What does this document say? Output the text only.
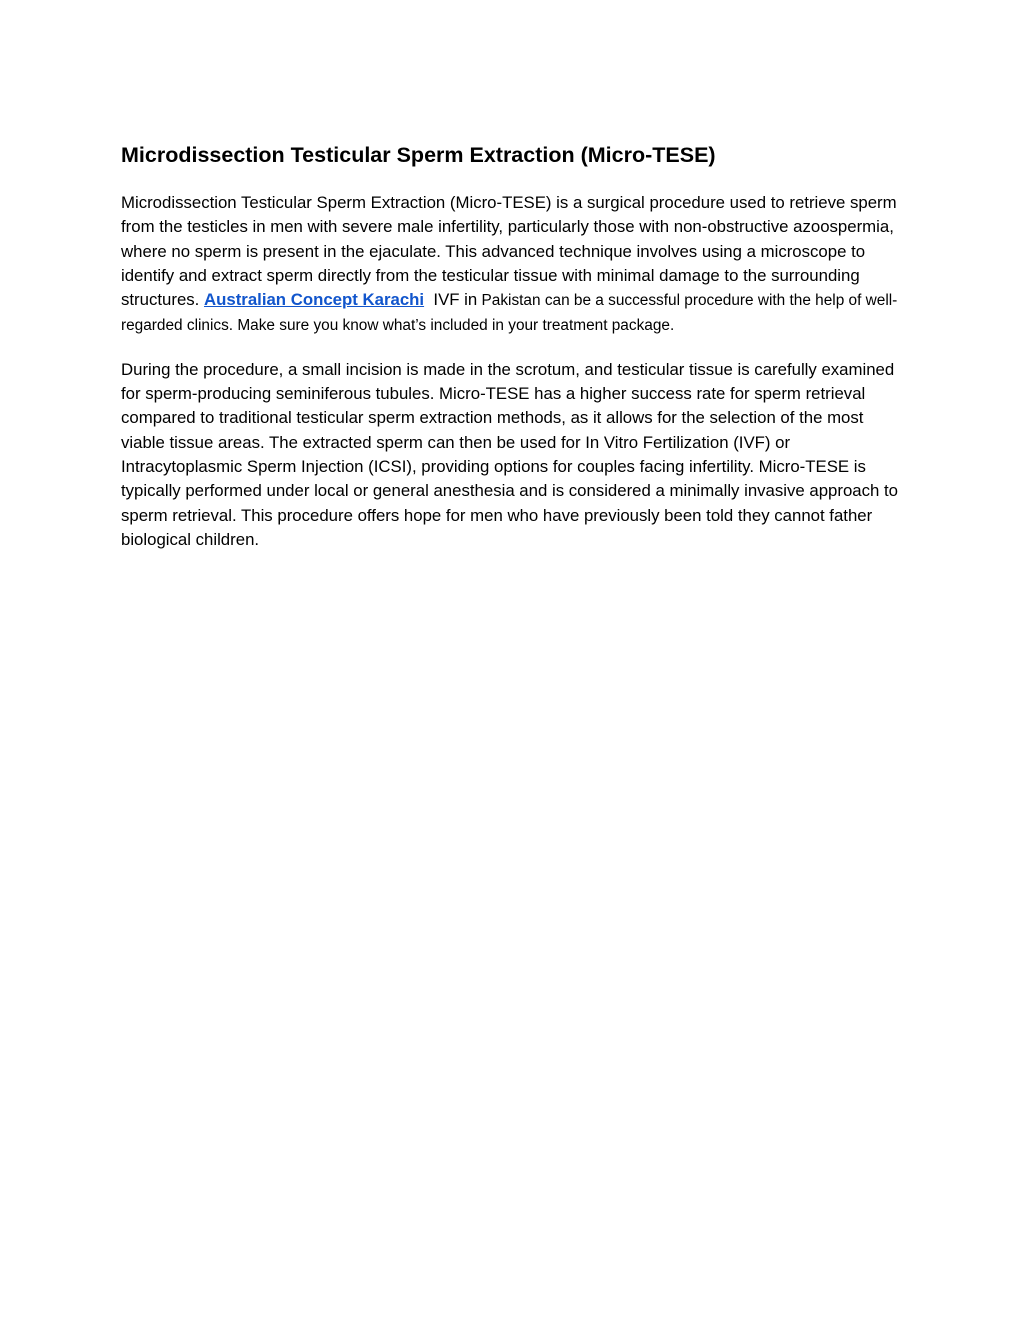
Microdissection Testicular Sperm Extraction (Micro-TESE)

Microdissection Testicular Sperm Extraction (Micro-TESE) is a surgical procedure used to retrieve sperm from the testicles in men with severe male infertility, particularly those with non-obstructive azoospermia, where no sperm is present in the ejaculate. This advanced technique involves using a microscope to identify and extract sperm directly from the testicular tissue with minimal damage to the surrounding structures. Australian Concept Karachi  IVF in Pakistan can be a successful procedure with the help of well-regarded clinics. Make sure you know what’s included in your treatment package.

During the procedure, a small incision is made in the scrotum, and testicular tissue is carefully examined for sperm-producing seminiferous tubules. Micro-TESE has a higher success rate for sperm retrieval compared to traditional testicular sperm extraction methods, as it allows for the selection of the most viable tissue areas. The extracted sperm can then be used for In Vitro Fertilization (IVF) or Intracytoplasmic Sperm Injection (ICSI), providing options for couples facing infertility. Micro-TESE is typically performed under local or general anesthesia and is considered a minimally invasive approach to sperm retrieval. This procedure offers hope for men who have previously been told they cannot father biological children.
